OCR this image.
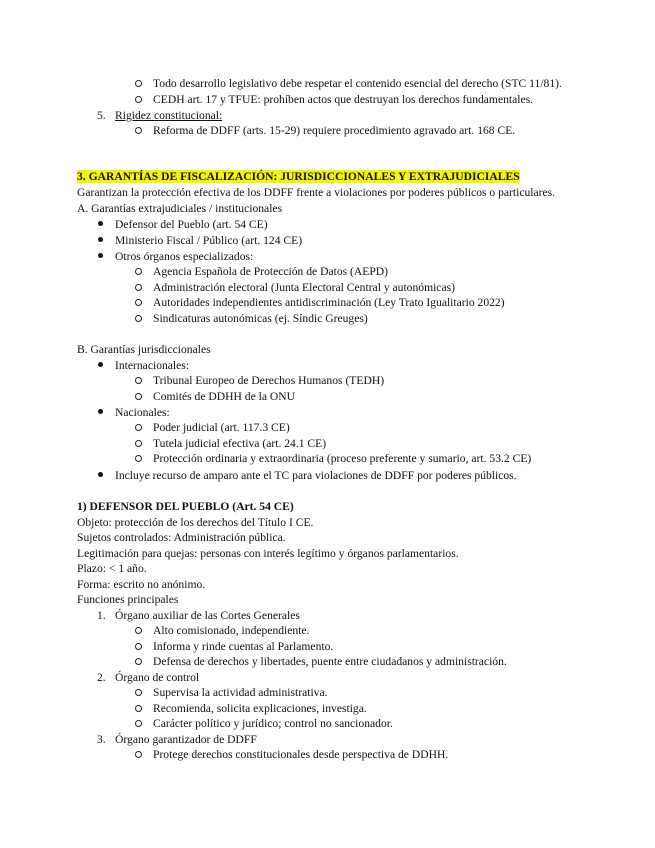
Todo desarrollo legislativo debe respetar el contenido esencial del derecho (STC 11/81).
CEDH art. 17 y TFUE: prohíben actos que destruyan los derechos fundamentales.
5. Rigidez constitucional:
Reforma de DDFF (arts. 15-29) requiere procedimiento agravado art. 168 CE.
3. GARANTÍAS DE FISCALIZACIÓN: JURISDICCIONALES Y EXTRAJUDICIALES
Garantizan la protección efectiva de los DDFF frente a violaciones por poderes públicos o particulares.
A. Garantías extrajudiciales / institucionales
Defensor del Pueblo (art. 54 CE)
Ministerio Fiscal / Público (art. 124 CE)
Otros órganos especializados:
Agencia Española de Protección de Datos (AEPD)
Administración electoral (Junta Electoral Central y autonómicas)
Autoridades independientes antidiscriminación (Ley Trato Igualitario 2022)
Sindicaturas autonómicas (ej. Síndic Greuges)
B. Garantías jurisdiccionales
Internacionales:
Tribunal Europeo de Derechos Humanos (TEDH)
Comités de DDHH de la ONU
Nacionales:
Poder judicial (art. 117.3 CE)
Tutela judicial efectiva (art. 24.1 CE)
Protección ordinaria y extraordinaria (proceso preferente y sumario, art. 53.2 CE)
Incluye recurso de amparo ante el TC para violaciones de DDFF por poderes públicos.
1) DEFENSOR DEL PUEBLO (Art. 54 CE)
Objeto: protección de los derechos del Título I CE.
Sujetos controlados: Administración pública.
Legitimación para quejas: personas con interés legítimo y órganos parlamentarios.
Plazo: < 1 año.
Forma: escrito no anónimo.
Funciones principales
1. Órgano auxiliar de las Cortes Generales
Alto comisionado, independiente.
Informa y rinde cuentas al Parlamento.
Defensa de derechos y libertades, puente entre ciudadanos y administración.
2. Órgano de control
Supervisa la actividad administrativa.
Recomienda, solicita explicaciones, investiga.
Carácter político y jurídico; control no sancionador.
3. Órgano garantizador de DDFF
Protege derechos constitucionales desde perspectiva de DDHH.
